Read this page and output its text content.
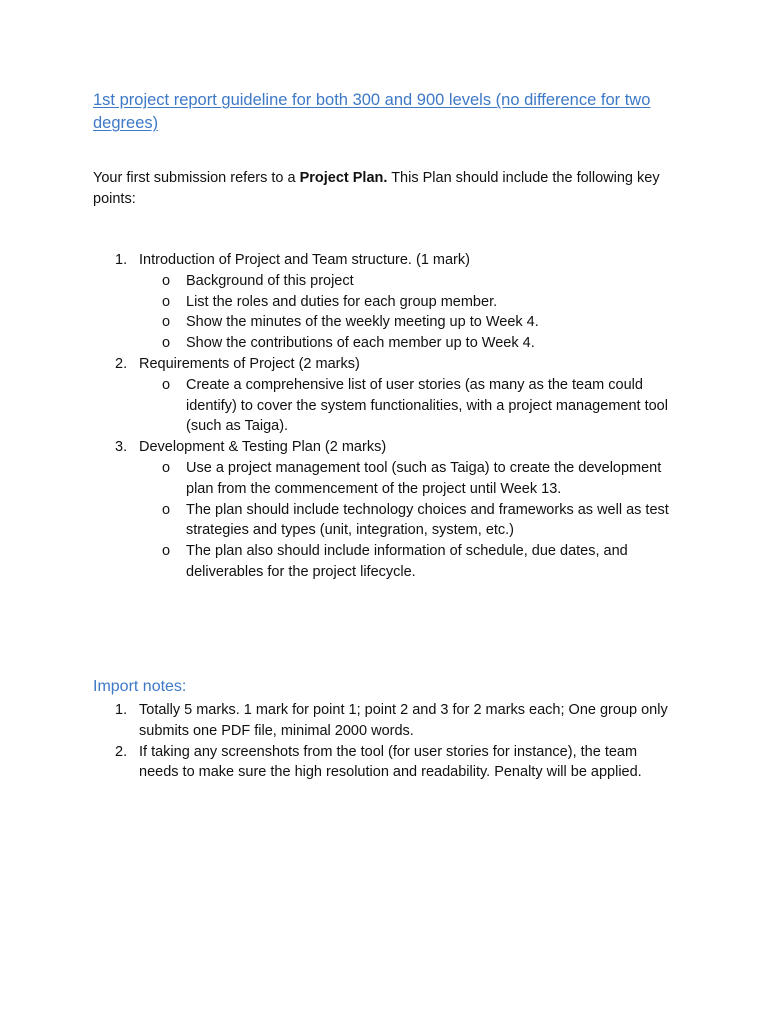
1st project report guideline for both 300 and 900 levels (no difference for two degrees)
Your first submission refers to a Project Plan. This Plan should include the following key points:
1. Introduction of Project and Team structure. (1 mark)
o Background of this project
o List the roles and duties for each group member.
o Show the minutes of the weekly meeting up to Week 4.
o Show the contributions of each member up to Week 4.
2. Requirements of Project (2 marks)
o Create a comprehensive list of user stories (as many as the team could identify) to cover the system functionalities, with a project management tool (such as Taiga).
3. Development & Testing Plan (2 marks)
o Use a project management tool (such as Taiga) to create the development plan from the commencement of the project until Week 13.
o The plan should include technology choices and frameworks as well as test strategies and types (unit, integration, system, etc.)
o The plan also should include information of schedule, due dates, and deliverables for the project lifecycle.
Import notes:
1. Totally 5 marks. 1 mark for point 1; point 2 and 3 for 2 marks each; One group only submits one PDF file, minimal 2000 words.
2. If taking any screenshots from the tool (for user stories for instance), the team needs to make sure the high resolution and readability. Penalty will be applied.
